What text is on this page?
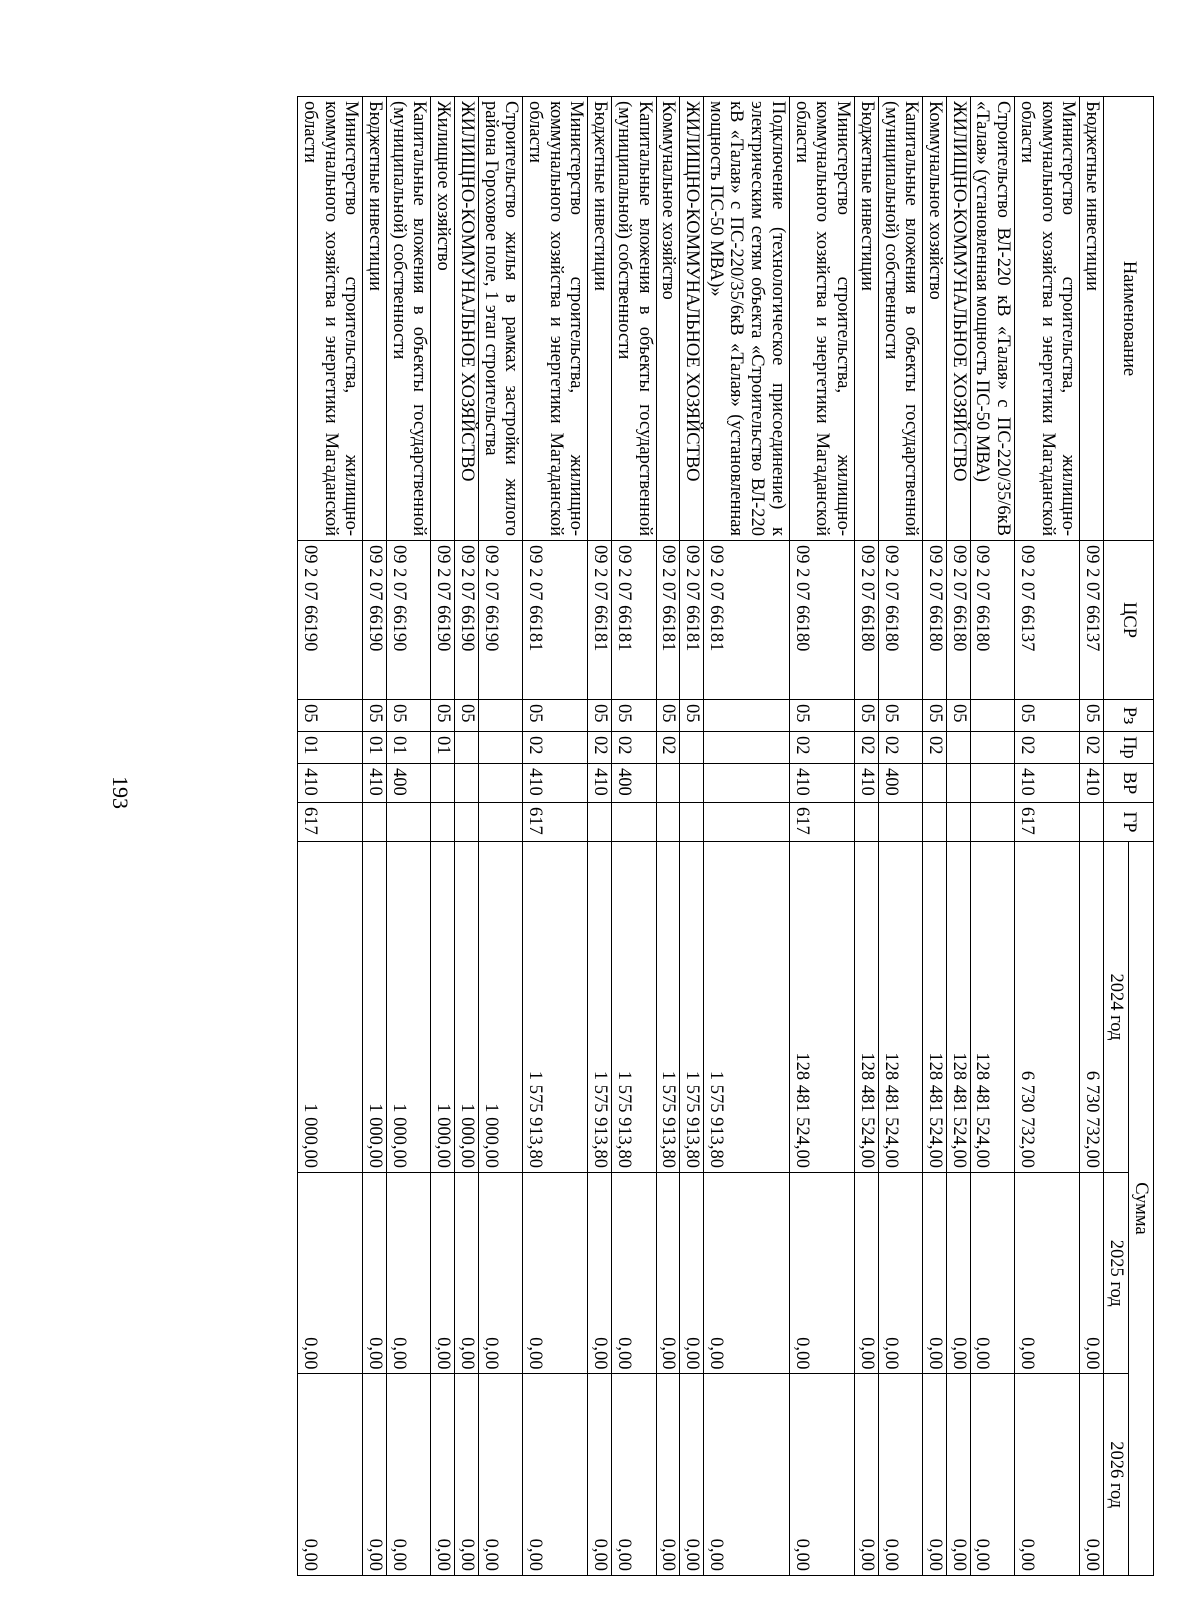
193
Наименование	ЦСР	Рз	Пр	ВР	ГР	Сумма		
						2024 год	2025 год	2026 год
Бюджетные инвестиции	09 2 07 66137	05	02	410		6 730 732,00	0,00	0,00
Министерство строительства, жилищно-коммунального хозяйства и энергетики Магаданской области	09 2 07 66137	05	02	410	617	6 730 732,00	0,00	0,00
Строительство ВЛ-220 кВ «Талая» с ПС-220/35/6кВ «Талая» (установленная мощность ПС-50 МВА)	09 2 07 66180					128 481 524,00	0,00	0,00
ЖИЛИЩНО-КОММУНАЛЬНОЕ ХОЗЯЙСТВО	09 2 07 66180	05				128 481 524,00	0,00	0,00
Коммунальное хозяйство	09 2 07 66180	05	02			128 481 524,00	0,00	0,00
Капитальные вложения в объекты государственной (муниципальной) собственности	09 2 07 66180	05	02	400		128 481 524,00	0,00	0,00
Бюджетные инвестиции	09 2 07 66180	05	02	410		128 481 524,00	0,00	0,00
Министерство строительства, жилищно-коммунального хозяйства и энергетики Магаданской области	09 2 07 66180	05	02	410	617	128 481 524,00	0,00	0,00
Подключение (технологическое присоединение) к электрическим сетям объекта «Строительство ВЛ-220 кВ «Талая» с ПС-220/35/6кВ «Талая» (установленная мощность ПС-50 МВА)»	09 2 07 66181					1 575 913,80	0,00	0,00
ЖИЛИЩНО-КОММУНАЛЬНОЕ ХОЗЯЙСТВО	09 2 07 66181	05				1 575 913,80	0,00	0,00
Коммунальное хозяйство	09 2 07 66181	05	02			1 575 913,80	0,00	0,00
Капитальные вложения в объекты государственной (муниципальной) собственности	09 2 07 66181	05	02	400		1 575 913,80	0,00	0,00
Бюджетные инвестиции	09 2 07 66181	05	02	410		1 575 913,80	0,00	0,00
Министерство строительства, жилищно-коммунального хозяйства и энергетики Магаданской области	09 2 07 66181	05	02	410	617	1 575 913,80	0,00	0,00
Строительство жилья в рамках застройки жилого района Гороховое поле, 1 этап строительства	09 2 07 66190					1 000,00	0,00	0,00
ЖИЛИЩНО-КОММУНАЛЬНОЕ ХОЗЯЙСТВО	09 2 07 66190	05				1 000,00	0,00	0,00
Жилищное хозяйство	09 2 07 66190	05	01			1 000,00	0,00	0,00
Капитальные вложения в объекты государственной (муниципальной) собственности	09 2 07 66190	05	01	400		1 000,00	0,00	0,00
Бюджетные инвестиции	09 2 07 66190	05	01	410		1 000,00	0,00	0,00
Министерство строительства, жилищно-коммунального хозяйства и энергетики Магаданской области	09 2 07 66190	05	01	410	617	1 000,00	0,00	0,00
